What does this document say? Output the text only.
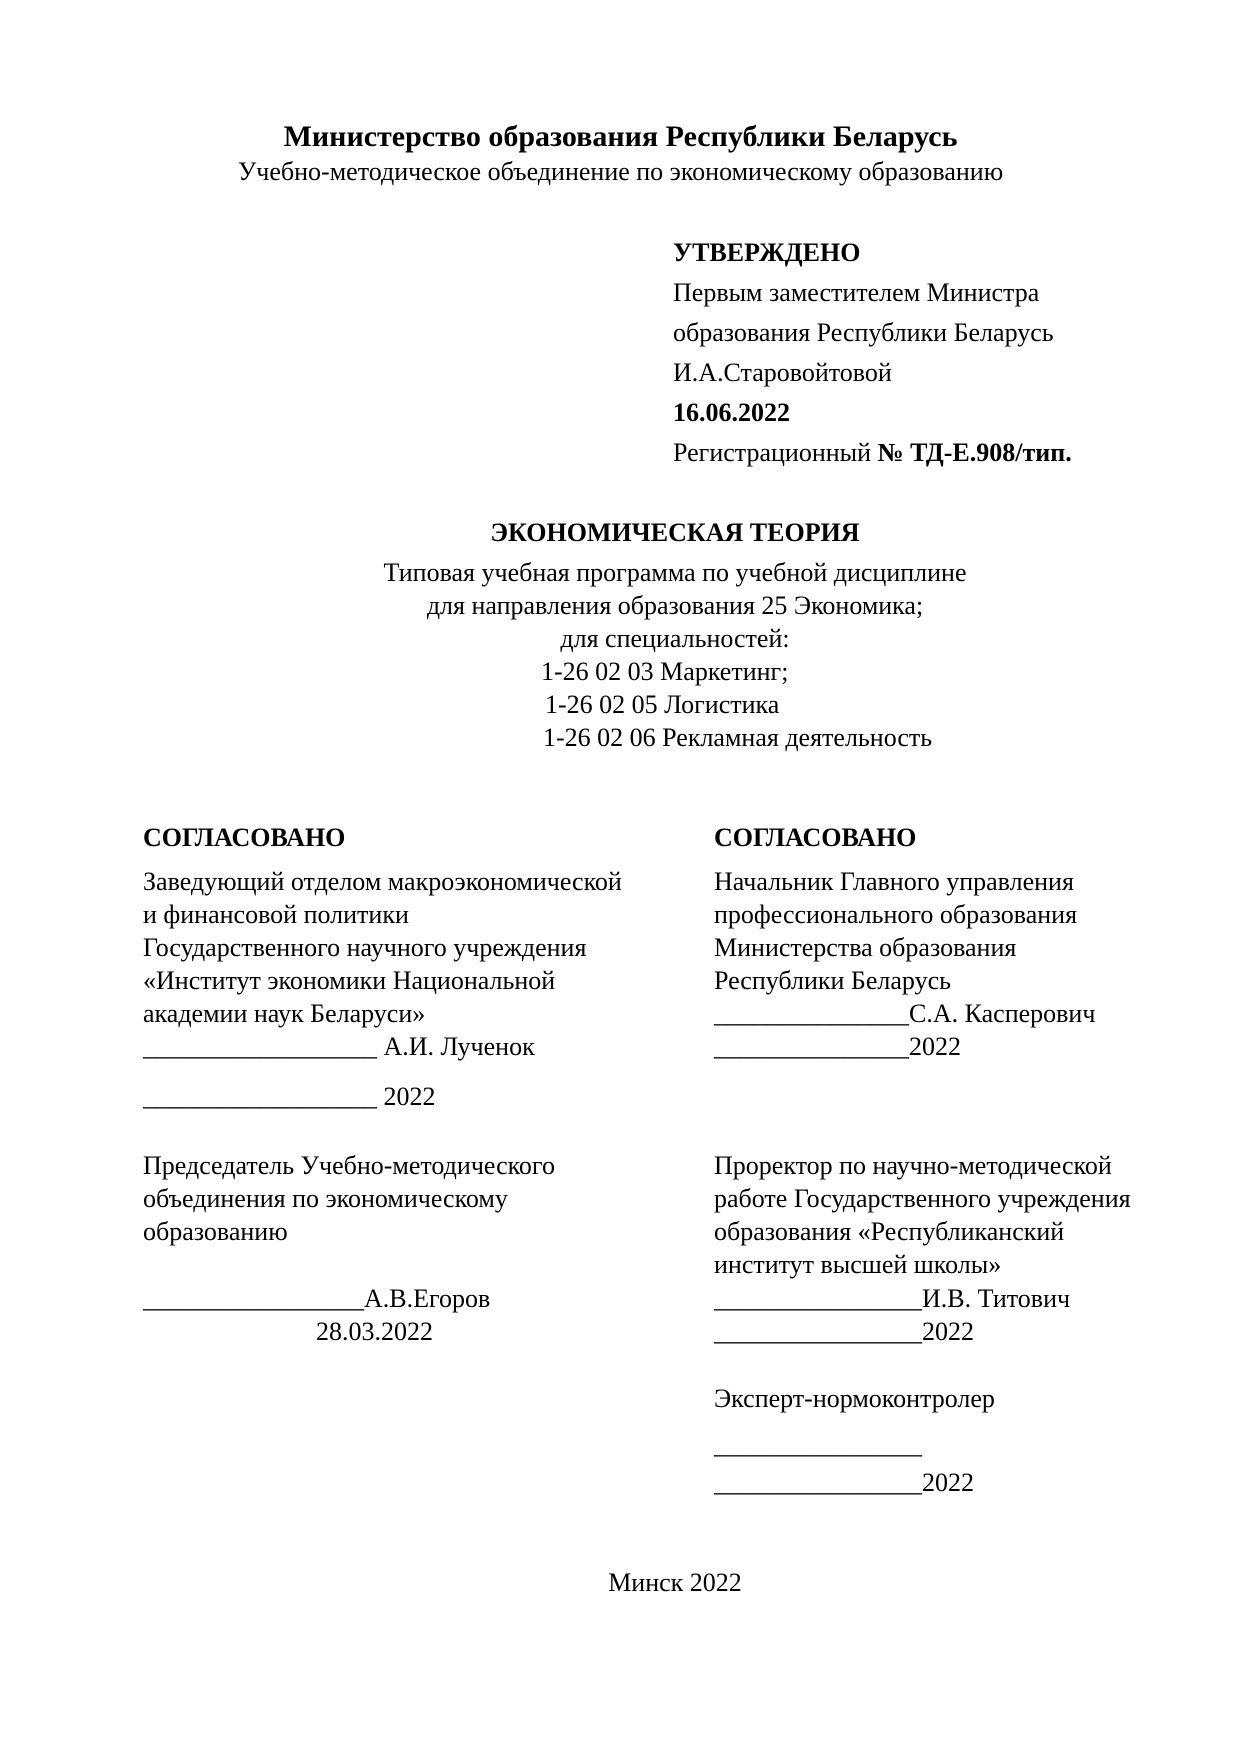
Министерство образования Республики Беларусь
Учебно-методическое объединение по экономическому образованию
УТВЕРЖДЕНО
Первым заместителем Министра
образования Республики Беларусь
И.А.Старовойтовой
16.06.2022
Регистрационный № ТД-Е.908/тип.
ЭКОНОМИЧЕСКАЯ ТЕОРИЯ
Типовая учебная программа по учебной дисциплине
для направления образования 25 Экономика;
для специальностей:
1-26 02 03 Маркетинг;
1-26 02 05 Логистика
1-26 02 06 Рекламная деятельность
СОГЛАСОВАНО
Заведующий отделом макроэкономической
и финансовой политики
Государственного научного учреждения
«Институт экономики Национальной
академии наук Беларуси»
__________________ А.И. Лученок
__________________ 2022
Председатель Учебно-методического
объединения по экономическому
образованию
_________________А.В.Егоров
28.03.2022
СОГЛАСОВАНО
Начальник Главного управления
профессионального образования
Министерства образования
Республики Беларусь
_______________С.А. Касперович
_______________2022
Проректор по научно-методической
работе Государственного учреждения
образования «Республиканский
институт высшей школы»
________________И.В. Титович
________________2022
Эксперт-нормоконтролер
________________
________________2022
Минск 2022
